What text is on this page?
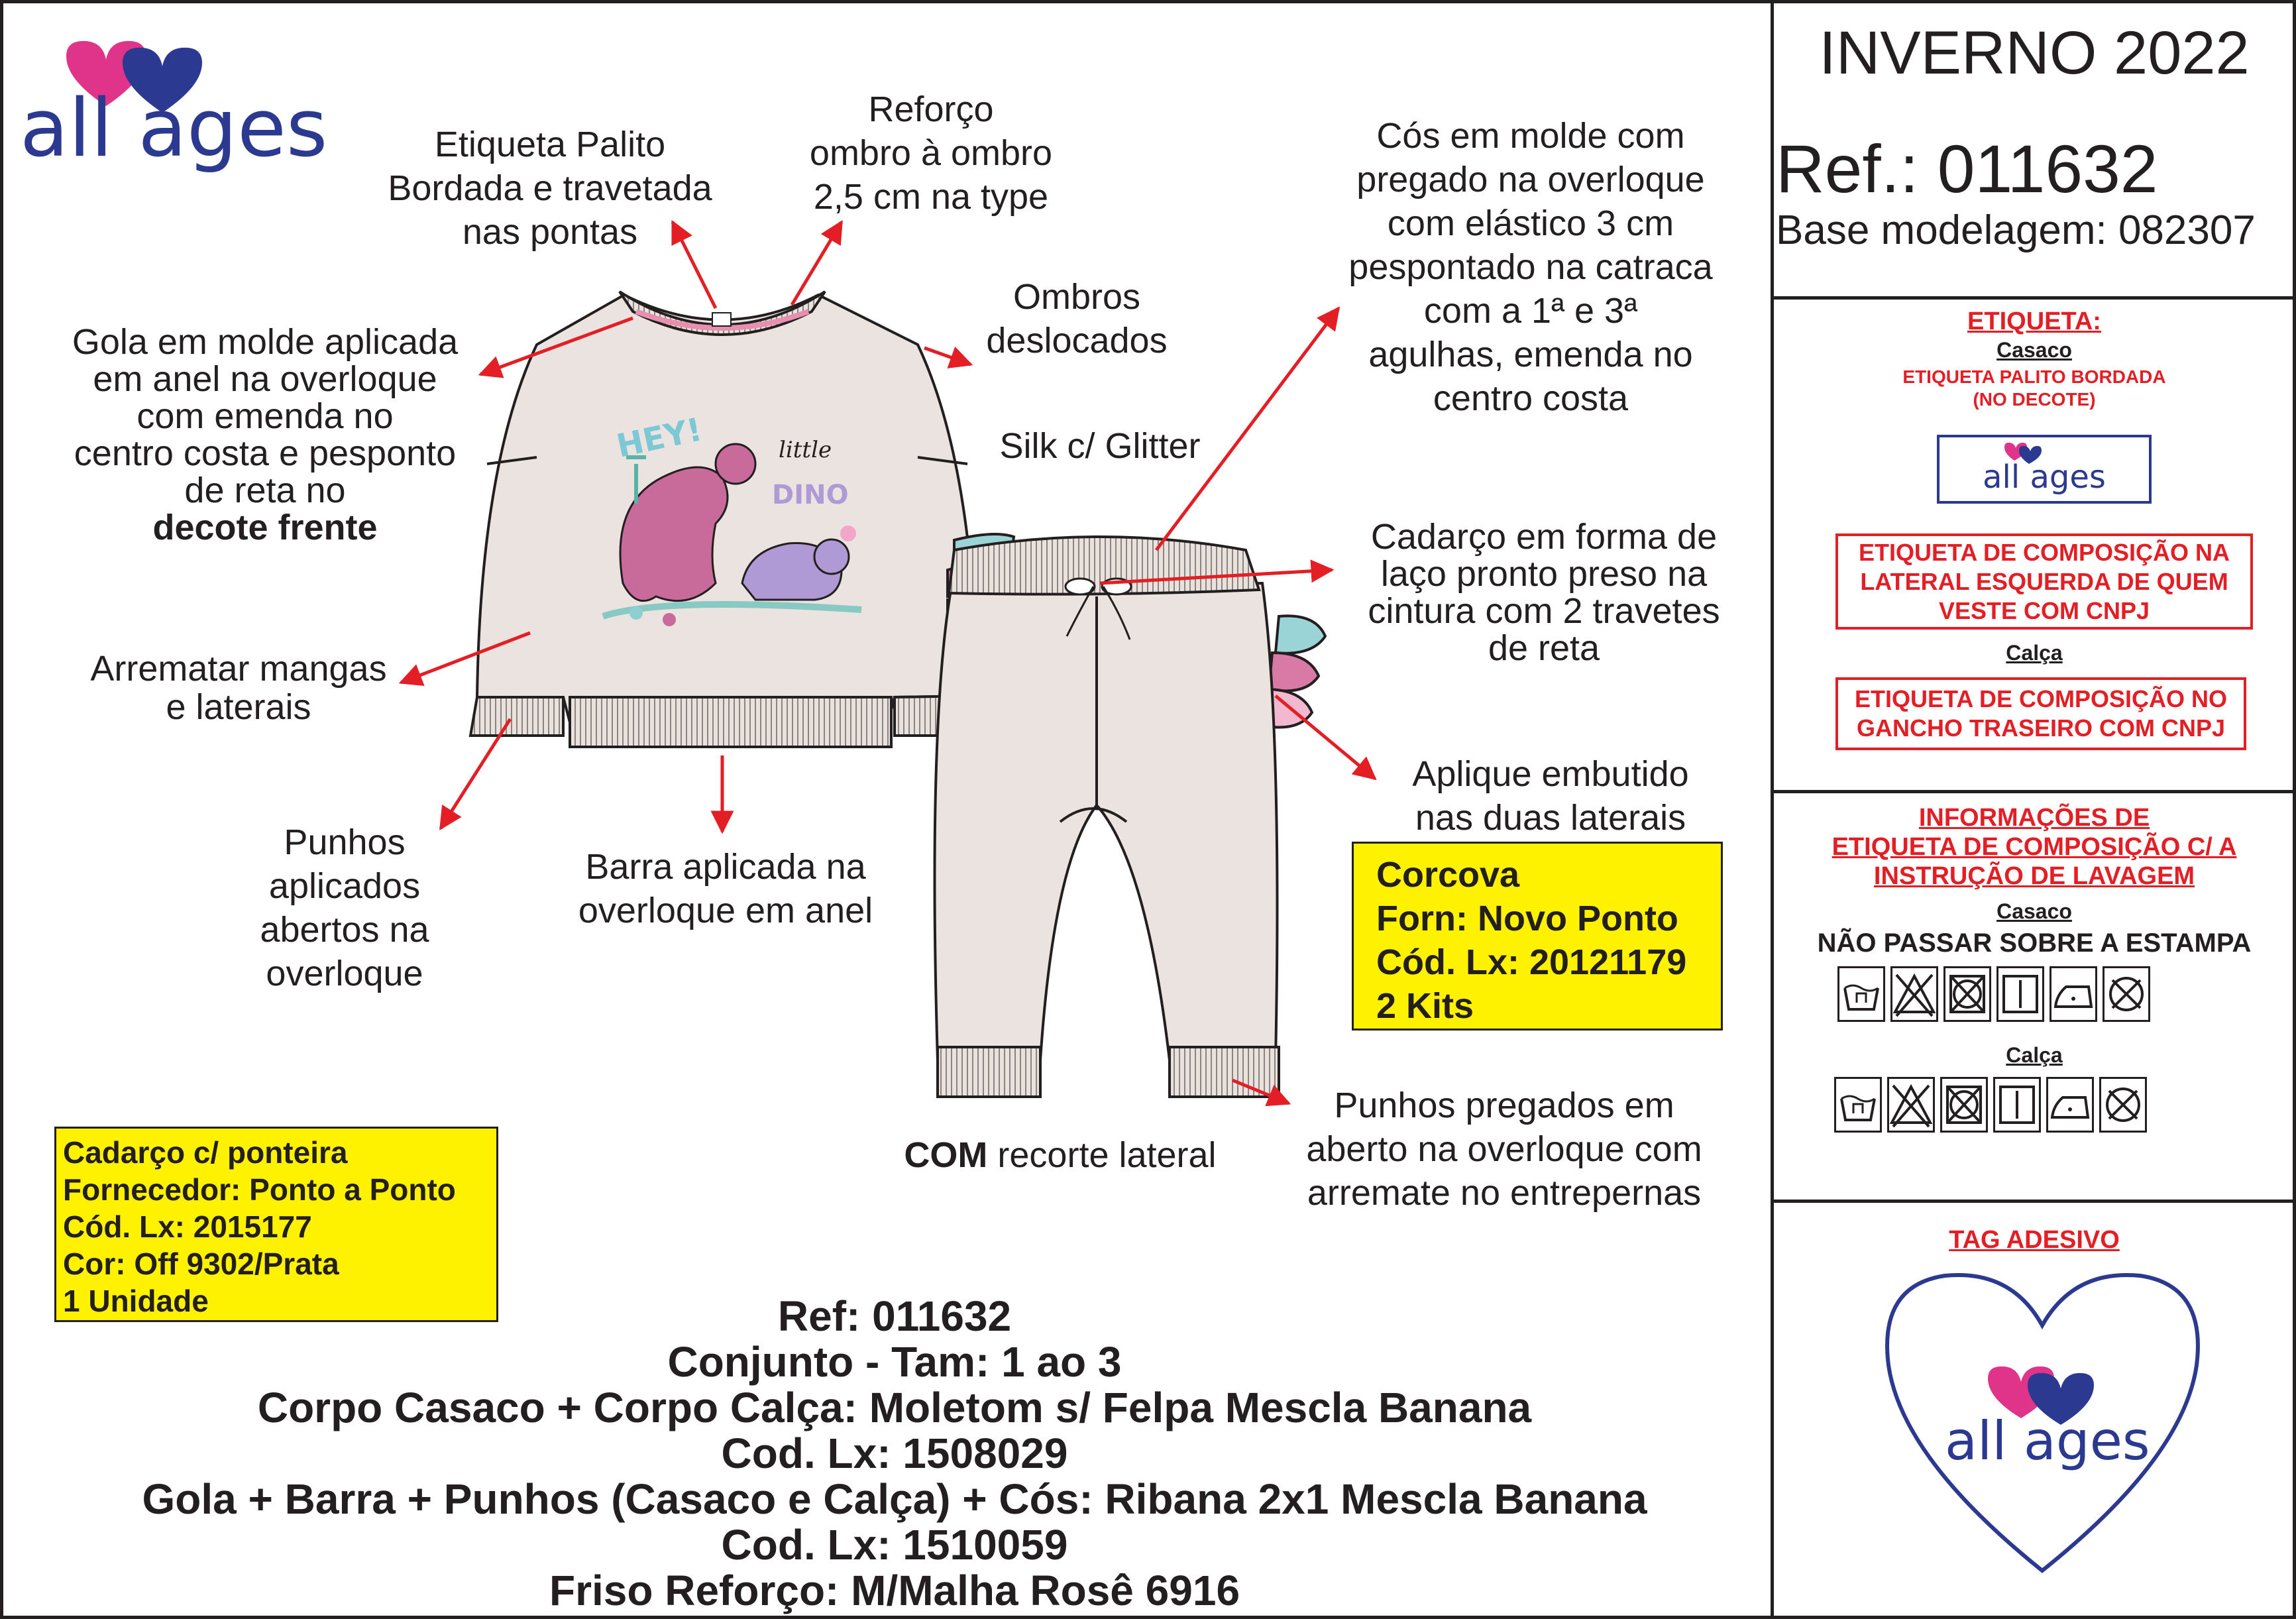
HEY!	little
DINO
all ages
all ages
all ages
Etiqueta Palito
Bordada e travetada
nas pontas
Reforço
ombro à ombro
2,5 cm na type
Cós em molde com
pregado na overloque
com elástico 3 cm
pespontado na catraca
com a 1ª e 3ª
agulhas, emenda no
centro costa
Gola em molde aplicada
em anel na overloque
com emenda no
centro costa e pesponto
de reta no
decote frente
Ombros
deslocados
Silk c/ Glitter
Cadarço em forma de
laço pronto preso na
cintura com 2 travetes
de reta
Arrematar mangas
e laterais
Aplique embutido
nas duas laterais
Punhos
aplicados
abertos na
overloque
Barra aplicada na
overloque em anel
COM recorte lateral
Punhos pregados em
aberto na overloque com
arremate no entrepernas
Corcova
Forn: Novo Ponto
Cód. Lx: 20121179
2 Kits
Cadarço c/ ponteira
Fornecedor: Ponto a Ponto
Cód. Lx: 2015177
Cor: Off 9302/Prata
1 Unidade	Ref: 011632
Conjunto - Tam: 1 ao 3
Corpo Casaco + Corpo Calça: Moletom s/ Felpa Mescla Banana
Cod. Lx: 1508029
Gola + Barra + Punhos (Casaco e Calça) + Cós: Ribana 2x1 Mescla Banana
Cod. Lx: 1510059
Friso Reforço: M/Malha Rosê 6916
INVERNO 2022
Ref.: 011632
Base modelagem: 082307
ETIQUETA:
Casaco
ETIQUETA PALITO BORDADA
(NO DECOTE)
ETIQUETA DE COMPOSIÇÃO NA
LATERAL ESQUERDA DE QUEM
VESTE COM CNPJ
Calça
ETIQUETA DE COMPOSIÇÃO NO
GANCHO TRASEIRO COM CNPJ
INFORMAÇÕES DE
ETIQUETA DE COMPOSIÇÃO C/ A
INSTRUÇÃO DE LAVAGEM
Casaco
NÃO PASSAR SOBRE A ESTAMPA
Calça
TAG ADESIVO
